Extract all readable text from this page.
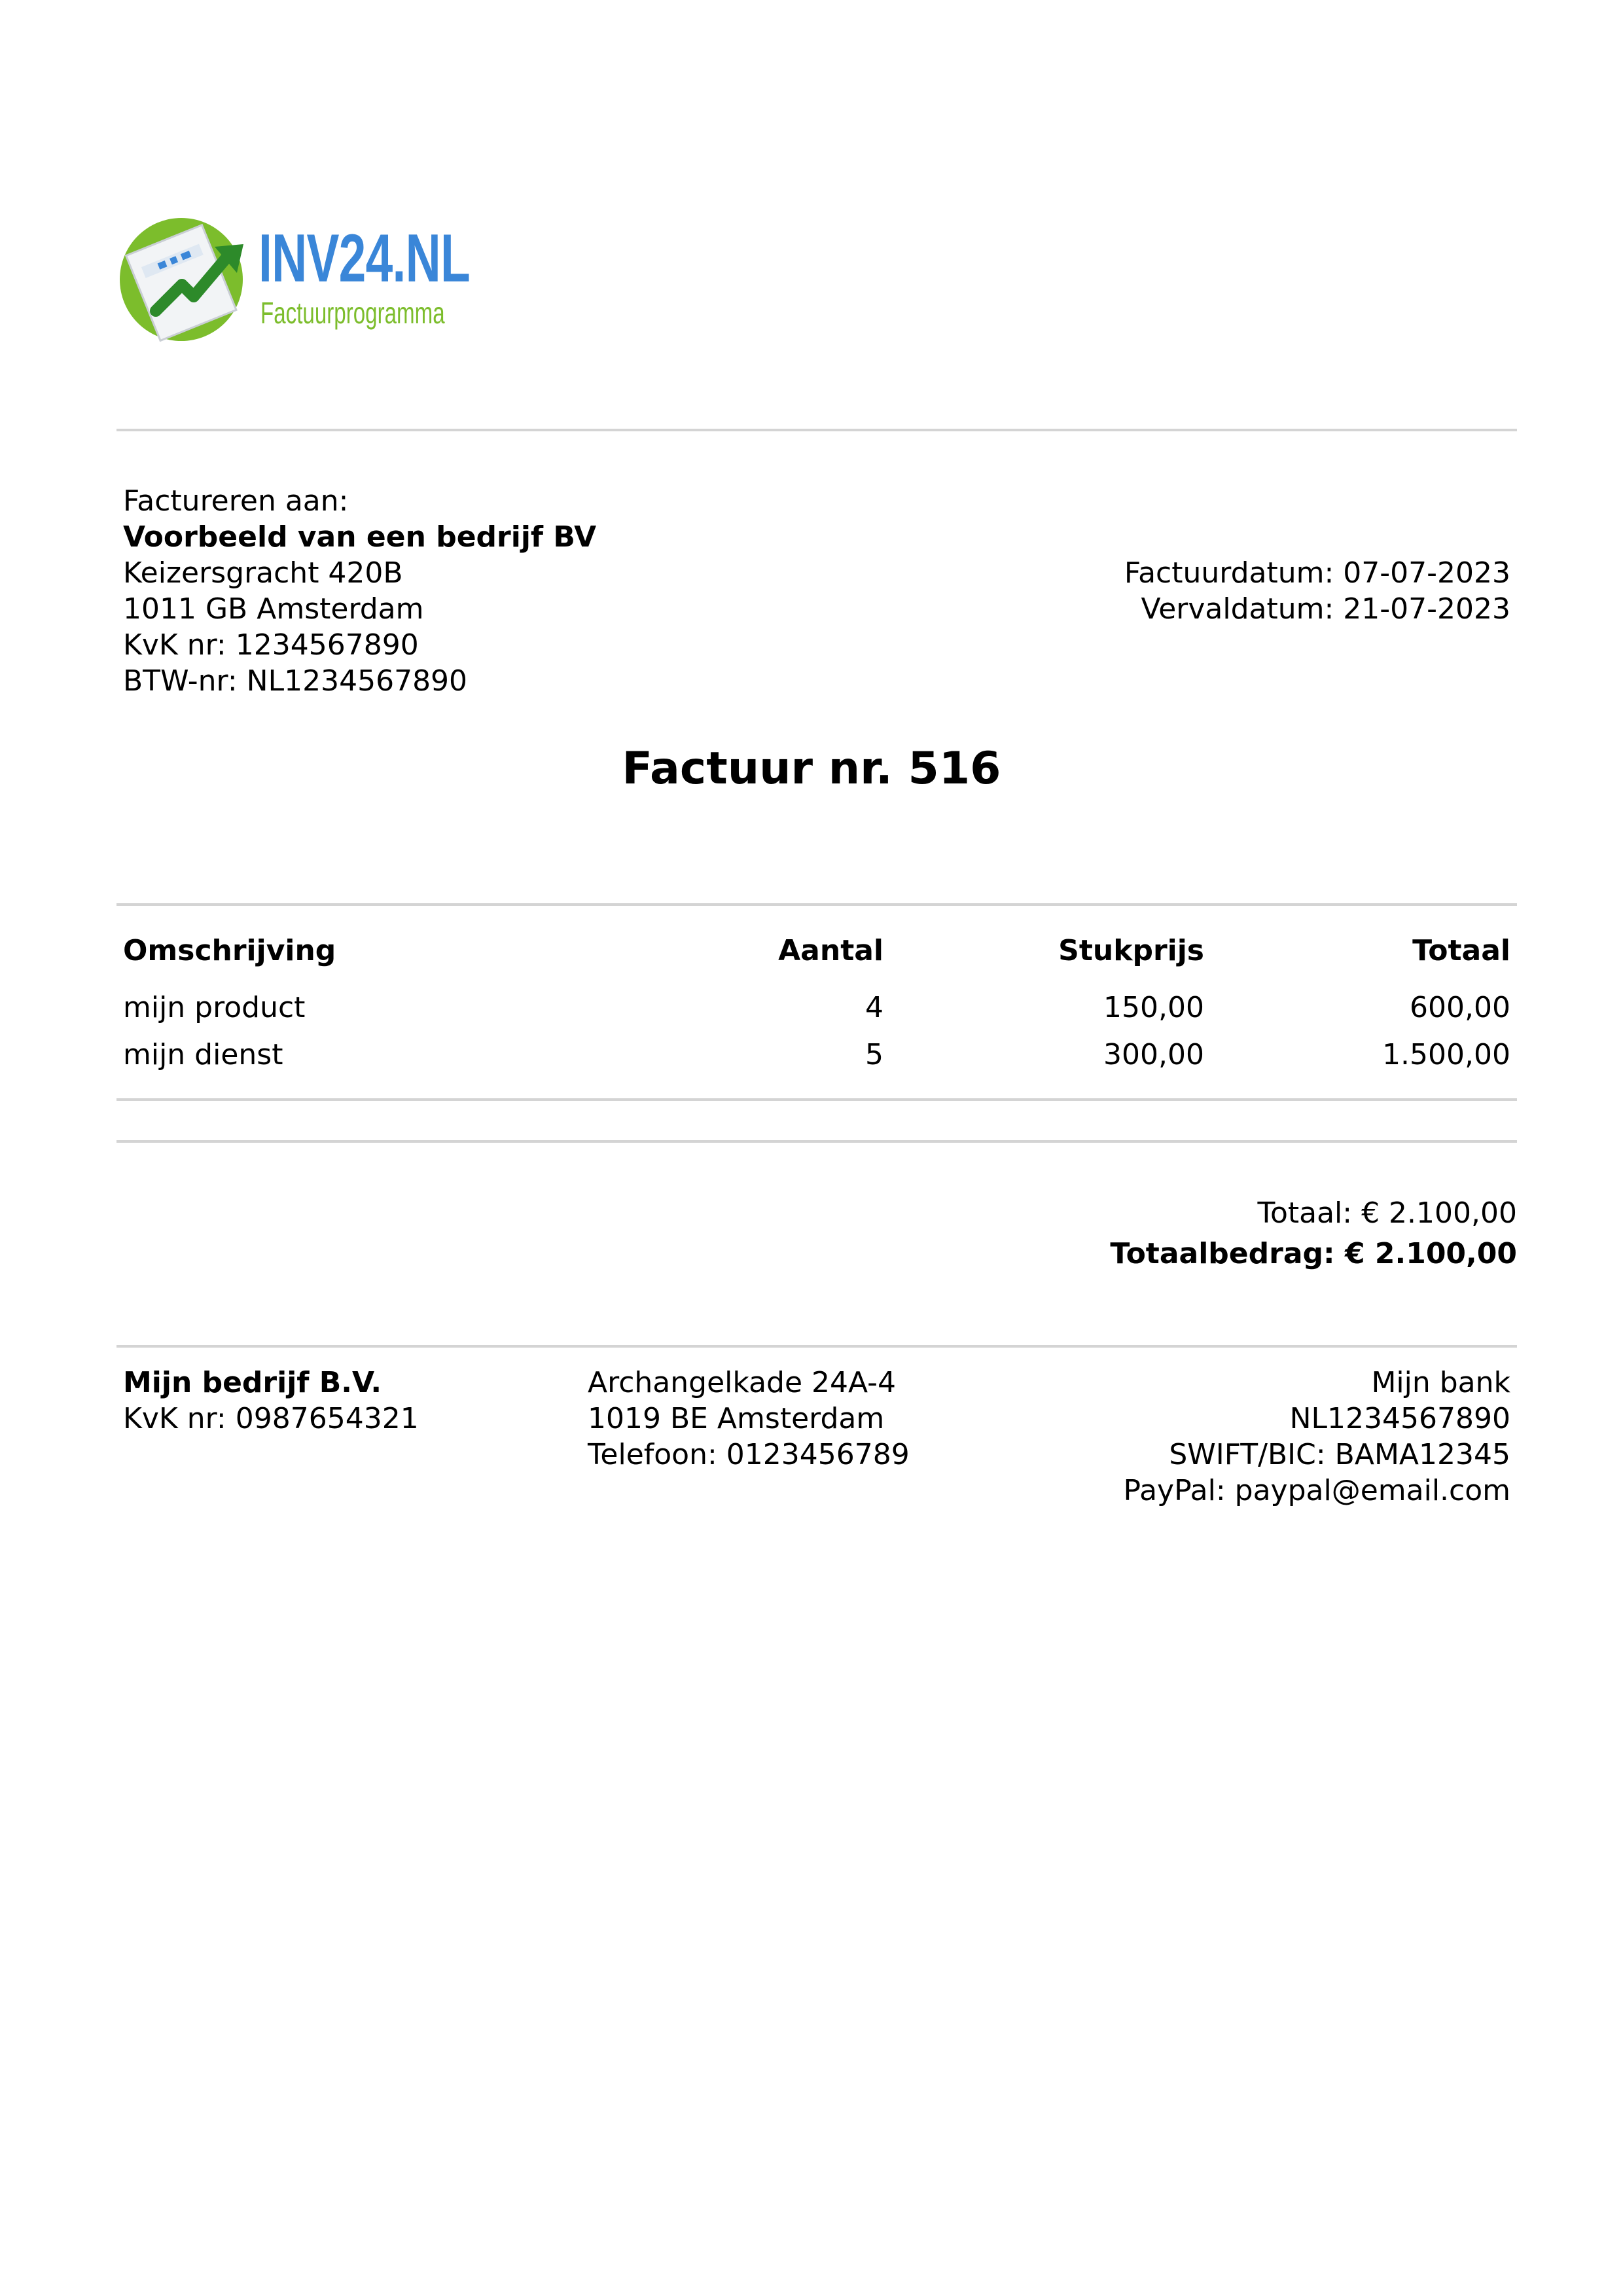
INV24.NL
Factuurprogramma
Factureren aan:
Voorbeeld van een bedrijf BV
Keizersgracht 420B
1011 GB Amsterdam
KvK nr: 1234567890
BTW-nr: NL1234567890
Factuurdatum: 07-07-2023
Vervaldatum: 21-07-2023
Factuur nr. 516
Omschrijving	Aantal	Stukprijs	Totaal
mijn product	4	150,00	600,00
mijn dienst	5	300,00	1.500,00
Totaal: € 2.100,00
Totaalbedrag: € 2.100,00
Mijn bedrijf B.V.
KvK nr: 0987654321
Archangelkade 24A-4
1019 BE Amsterdam
Telefoon: 0123456789
Mijn bank
NL1234567890
SWIFT/BIC: BAMA12345
PayPal: paypal@email.com
